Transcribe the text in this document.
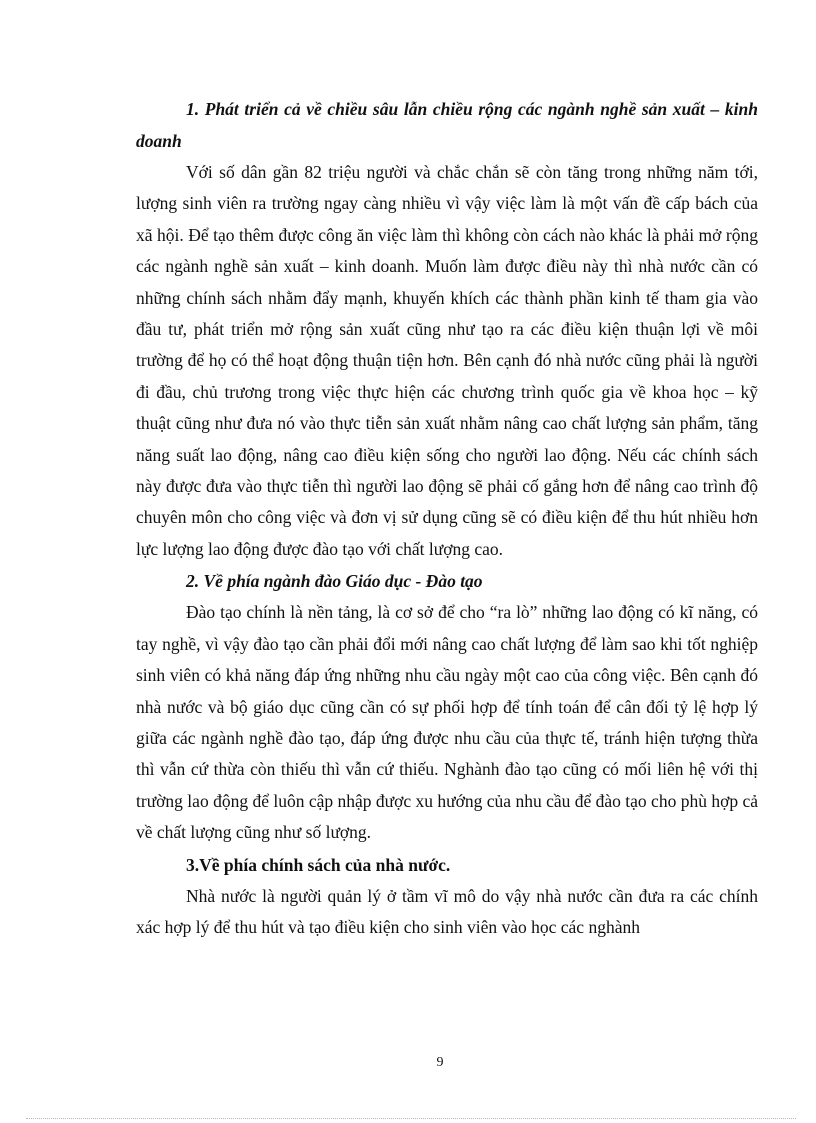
1. Phát triển cả về chiều sâu lẫn chiều rộng các ngành nghề sản xuất – kinh doanh

Với số dân gần 82 triệu người và chắc chắn sẽ còn tăng trong những năm tới, lượng sinh viên ra trường ngay càng nhiều vì vậy việc làm là một vấn đề cấp bách của xã hội. Để tạo thêm được công ăn việc làm thì không còn cách nào khác là phải mở rộng các ngành nghề sản xuất – kinh doanh. Muốn làm được điều này thì nhà nước cần có những chính sách nhằm đẩy mạnh, khuyến khích các thành phần kinh tế tham gia vào đầu tư, phát triển mở rộng sản xuất cũng như tạo ra các điều kiện thuận lợi về môi trường để họ có thể hoạt động thuận tiện hơn. Bên cạnh đó nhà nước cũng phải là người đi đầu, chủ trương trong việc thực hiện các chương trình quốc gia về khoa học – kỹ thuật cũng như đưa nó vào thực tiễn sản xuất nhằm nâng cao chất lượng sản phẩm, tăng năng suất lao động, nâng cao điều kiện sống cho người lao động. Nếu các chính sách này được đưa vào thực tiễn thì người lao động sẽ phải cố gắng hơn để nâng cao trình độ chuyên môn cho công việc và đơn vị sử dụng cũng sẽ có điều kiện để thu hút nhiều hơn lực lượng lao động được đào tạo với chất lượng cao.

2. Về phía ngành đào Giáo dục - Đào tạo

Đào tạo chính là nền tảng, là cơ sở để cho “ra lò” những lao động có kĩ năng, có tay nghề, vì vậy đào tạo cần phải đổi mới nâng cao chất lượng để làm sao khi tốt nghiệp sinh viên có khả năng đáp ứng những nhu cầu ngày một cao của công việc. Bên cạnh đó nhà nước và bộ giáo dục cũng cần có sự phối hợp để tính toán để cân đối tỷ lệ hợp lý giữa các ngành nghề đào tạo, đáp ứng được nhu cầu của thực tế, tránh hiện tượng thừa thì vẫn cứ thừa còn thiếu thì vẫn cứ thiếu. Nghành đào tạo cũng có mối liên hệ với thị trường lao động để luôn cập nhập được xu hướng của nhu cầu để đào tạo cho phù hợp cả về chất lượng cũng như số lượng.

3.Về phía chính sách của nhà nước.

Nhà nước là người quản lý ở tầm vĩ mô do vậy nhà nước cần đưa ra các chính xác hợp lý để thu hút và tạo điều kiện cho sinh viên vào học các nghành

9
